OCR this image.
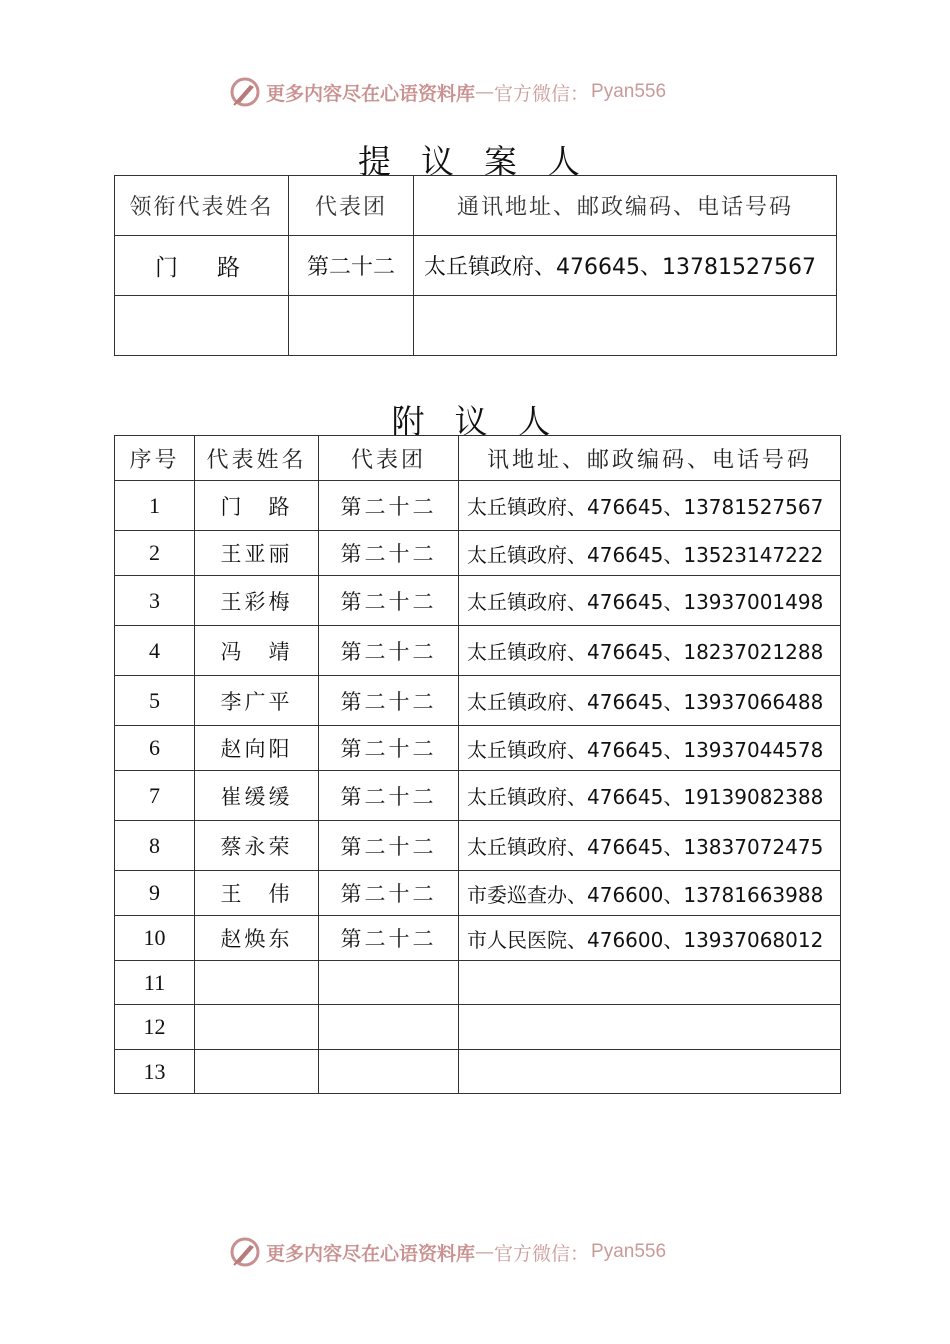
更多内容尽在心语资料库 — 官方微信： Pyan556
提议案人
领衔代表姓名	代表团	通讯地址、邮政编码、电话号码
门　路	第二十二	太丘镇政府、476645、13781527567

附议人
序号	代表姓名	代表团	讯地址、邮政编码、电话号码
1	门　路	第二十二	太丘镇政府、476645、13781527567
2	王亚丽	第二十二	太丘镇政府、476645、13523147222
3	王彩梅	第二十二	太丘镇政府、476645、13937001498
4	冯　靖	第二十二	太丘镇政府、476645、18237021288
5	李广平	第二十二	太丘镇政府、476645、13937066488
6	赵向阳	第二十二	太丘镇政府、476645、13937044578
7	崔缓缓	第二十二	太丘镇政府、476645、19139082388
8	蔡永荣	第二十二	太丘镇政府、476645、13837072475
9	王　伟	第二十二	市委巡查办、476600、13781663988
10	赵焕东	第二十二	市人民医院、476600、13937068012
11			
12			
13			
更多内容尽在心语资料库 — 官方微信： Pyan556
